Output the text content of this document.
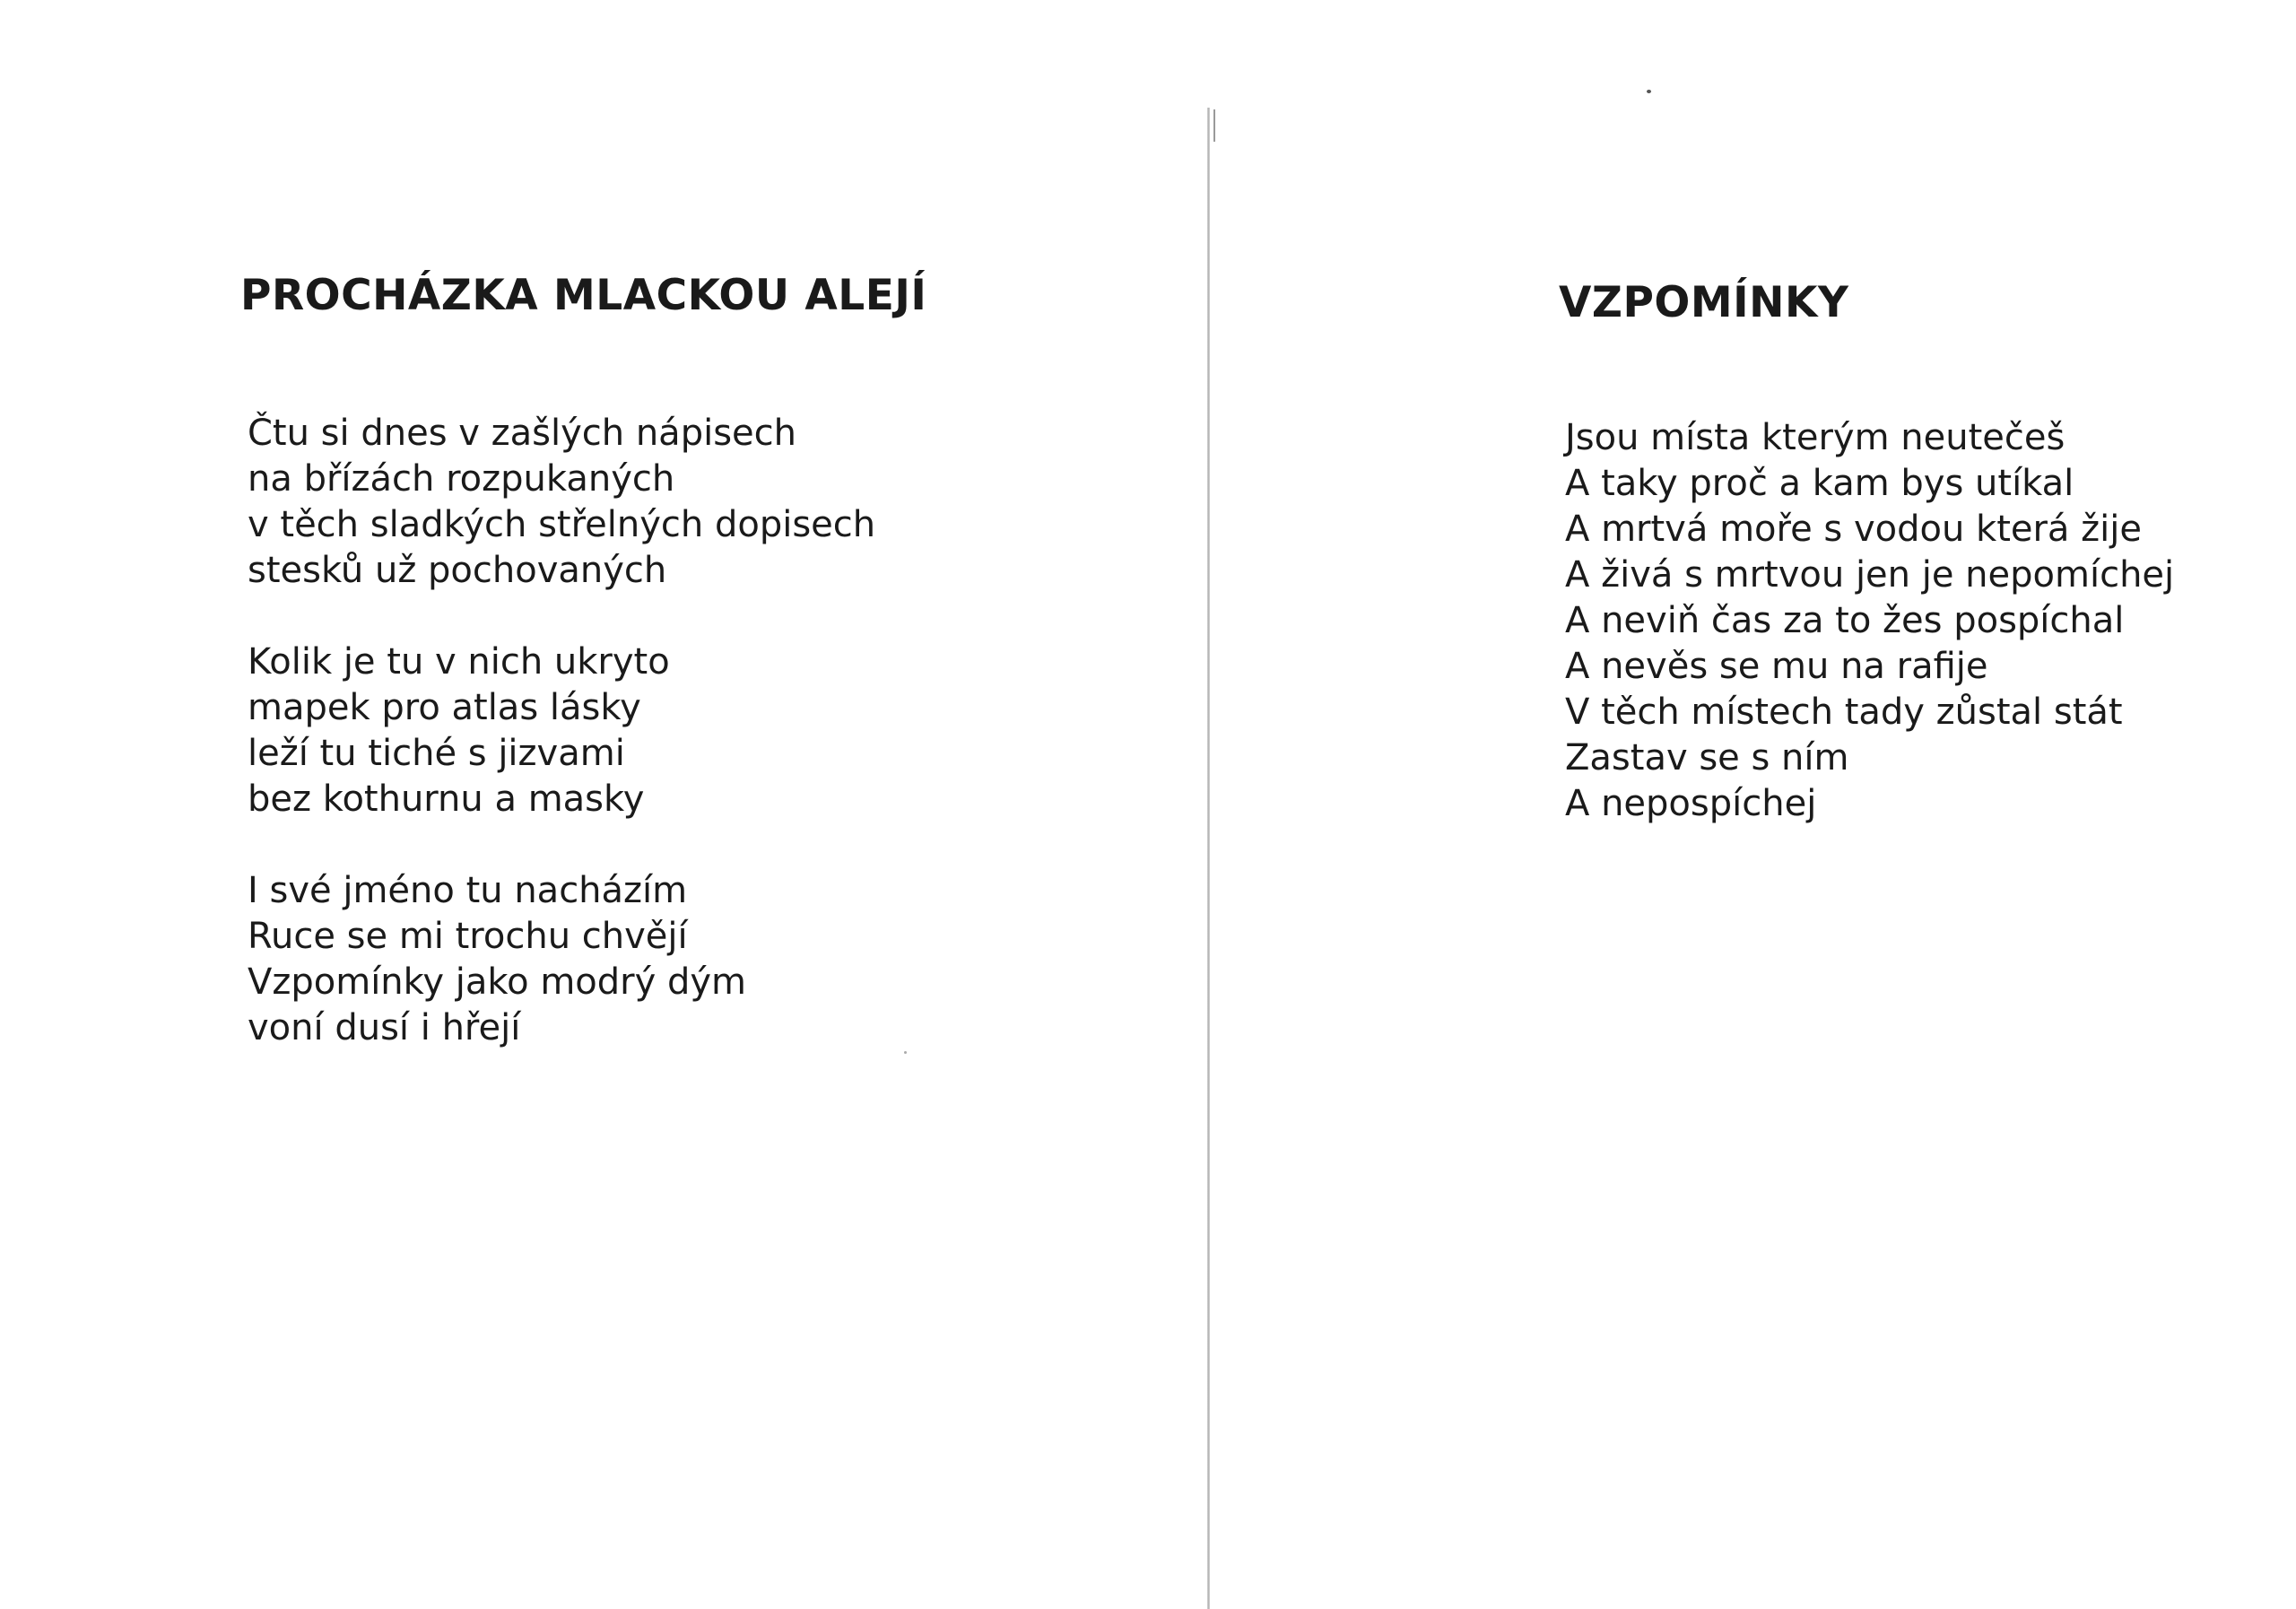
PROCHÁZKA MLACKOU ALEJÍ
Čtu si dnes v zašlých nápisech
na břízách rozpukaných
v těch sladkých střelných dopisech
stesků už pochovaných
Kolik je tu v nich ukryto
mapek pro atlas lásky
leží tu tiché s jizvami
bez kothurnu a masky
I své jméno tu nacházím
Ruce se mi trochu chvějí
Vzpomínky jako modrý dým
voní dusí i hřejí
VZPOMÍNKY
Jsou místa kterým neutečeš
A taky proč a kam bys utíkal
A mrtvá moře s vodou která žije
A živá s mrtvou jen je nepomíchej
A neviň čas za to žes pospíchal
A nevěs se mu na rafije
V těch místech tady zůstal stát
Zastav se s ním
A nepospíchej
